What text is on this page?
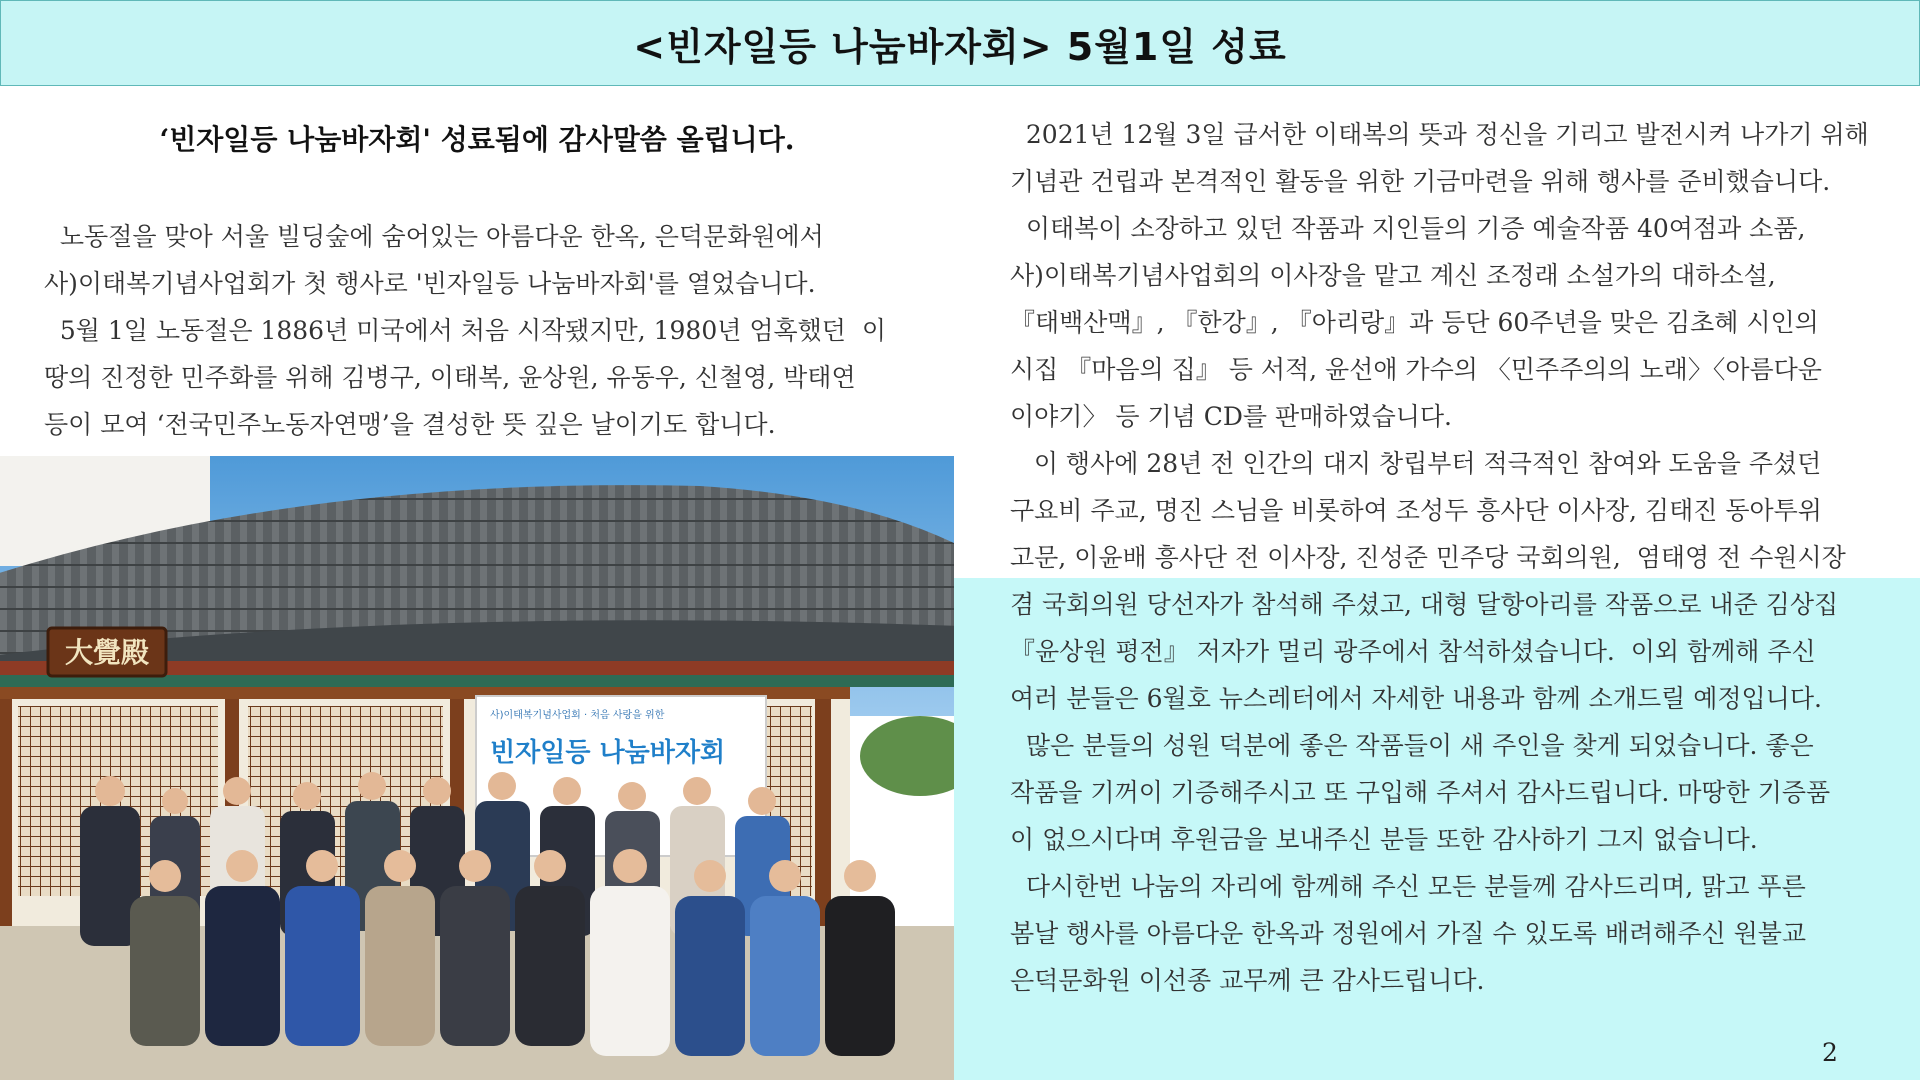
<빈자일등 나눔바자회> 5월1일 성료
‘빈자일등 나눔바자회' 성료됨에 감사말씀 올립니다.

노동절을 맞아 서울 빌딩숲에 숨어있는 아름다운 한옥, 은덕문화원에서

사)이태복기념사업회가 첫 행사로 '빈자일등 나눔바자회'를 열었습니다.

5월 1일 노동절은 1886년 미국에서 처음 시작됐지만, 1980년 엄혹했던  이

땅의 진정한 민주화를 위해 김병구, 이태복, 윤상원, 유동우, 신철영, 박태연

등이 모여 ‘전국민주노동자연맹’을 결성한 뜻 깊은 날이기도 합니다.

大覺殿
사)이태복기념사업회 · 처음 사랑을 위한
빈자일등 나눔바자회

2021년 12월 3일 급서한 이태복의 뜻과 정신을 기리고 발전시켜 나가기 위해

기념관 건립과 본격적인 활동을 위한 기금마련을 위해 행사를 준비했습니다.

이태복이 소장하고 있던 작품과 지인들의 기증 예술작품 40여점과 소품,

사)이태복기념사업회의 이사장을 맡고 계신 조정래 소설가의 대하소설,

『태백산맥』, 『한강』, 『아리랑』과 등단 60주년을 맞은 김초혜 시인의

시집 『마음의 집』 등 서적, 윤선애 가수의 〈민주주의의 노래〉〈아름다운

이야기〉 등 기념 CD를 판매하였습니다.

이 행사에 28년 전 인간의 대지 창립부터 적극적인 참여와 도움을 주셨던

구요비 주교, 명진 스님을 비롯하여 조성두 흥사단 이사장, 김태진 동아투위

고문, 이윤배 흥사단 전 이사장, 진성준 민주당 국회의원,  염태영 전 수원시장

겸 국회의원 당선자가 참석해 주셨고, 대형 달항아리를 작품으로 내준 김상집

『윤상원 평전』 저자가 멀리 광주에서 참석하셨습니다.  이외 함께해 주신

여러 분들은 6월호 뉴스레터에서 자세한 내용과 함께 소개드릴 예정입니다.

많은 분들의 성원 덕분에 좋은 작품들이 새 주인을 찾게 되었습니다. 좋은

작품을 기꺼이 기증해주시고 또 구입해 주셔서 감사드립니다. 마땅한 기증품

이 없으시다며 후원금을 보내주신 분들 또한 감사하기 그지 없습니다.

다시한번 나눔의 자리에 함께해 주신 모든 분들께 감사드리며, 맑고 푸른

봄날 행사를 아름다운 한옥과 정원에서 가질 수 있도록 배려해주신 원불교

은덕문화원 이선종 교무께 큰 감사드립니다.

2
